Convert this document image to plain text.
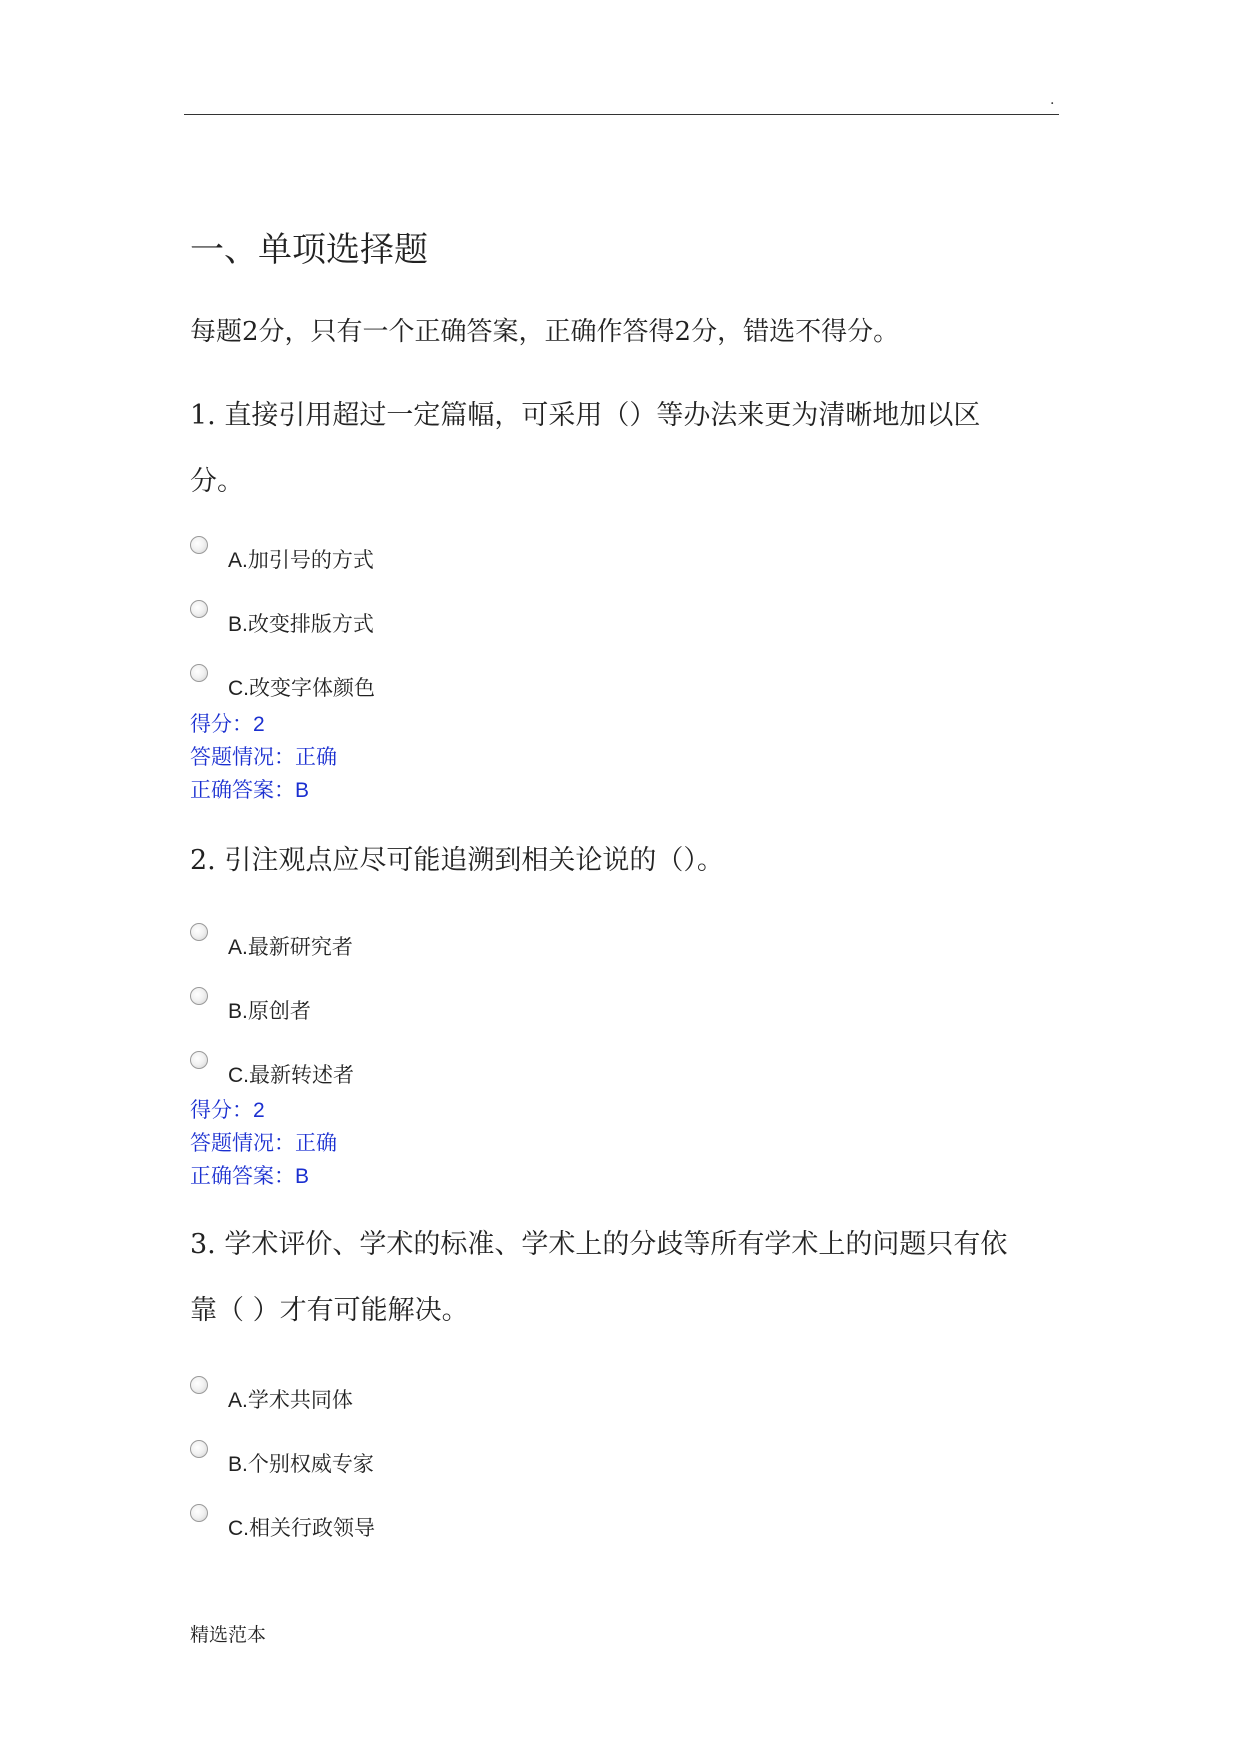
.
一、单项选择题
每题2分，只有一个正确答案，正确作答得2分，错选不得分。
1. 直接引用超过一定篇幅，可采用（）等办法来更为清晰地加以区
分。
A.加引号的方式
B.改变排版方式
C.改变字体颜色
得分：2
答题情况：正确
正确答案：B
2. 引注观点应尽可能追溯到相关论说的（）。
A.最新研究者
B.原创者
C.最新转述者
得分：2
答题情况：正确
正确答案：B
3. 学术评价、学术的标准、学术上的分歧等所有学术上的问题只有依
靠（ ）才有可能解决。
A.学术共同体
B.个别权威专家
C.相关行政领导
精选范本
